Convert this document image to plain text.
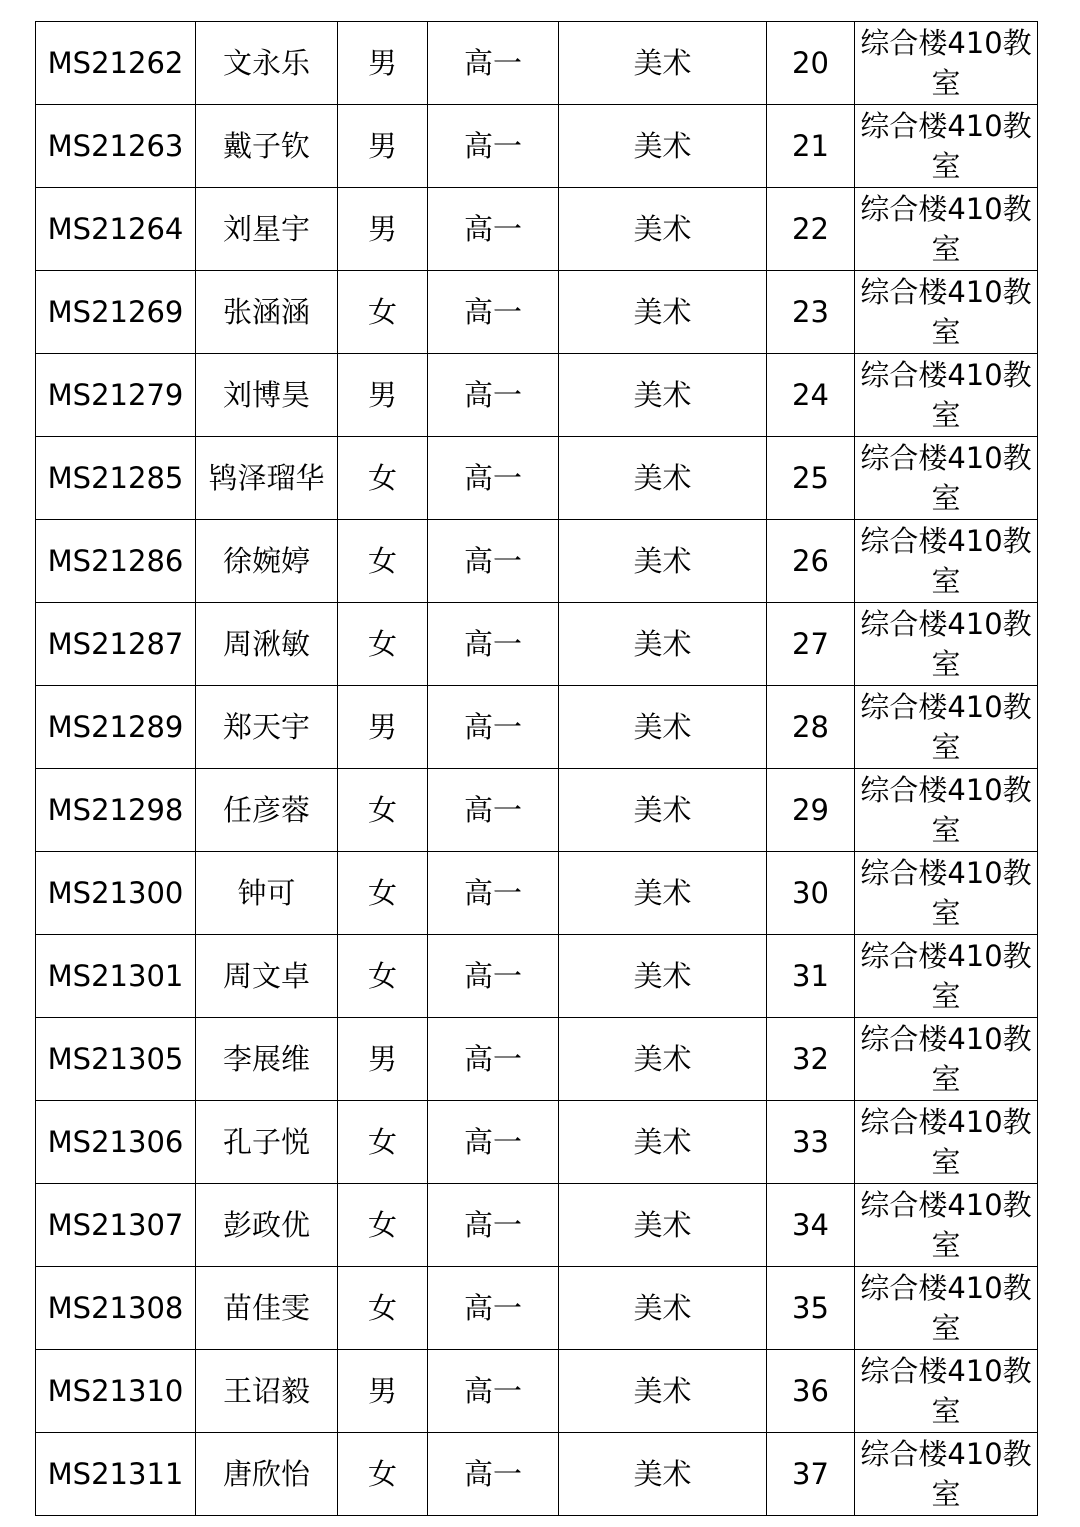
MS21262	文永乐	男	高一	美术	20	综合楼410教室
MS21263	戴子钦	男	高一	美术	21	综合楼410教室
MS21264	刘星宇	男	高一	美术	22	综合楼410教室
MS21269	张涵涵	女	高一	美术	23	综合楼410教室
MS21279	刘博昊	男	高一	美术	24	综合楼410教室
MS21285	鸨泽瑠华	女	高一	美术	25	综合楼410教室
MS21286	徐婉婷	女	高一	美术	26	综合楼410教室
MS21287	周湫敏	女	高一	美术	27	综合楼410教室
MS21289	郑天宇	男	高一	美术	28	综合楼410教室
MS21298	任彦蓉	女	高一	美术	29	综合楼410教室
MS21300	钟可	女	高一	美术	30	综合楼410教室
MS21301	周文卓	女	高一	美术	31	综合楼410教室
MS21305	李展维	男	高一	美术	32	综合楼410教室
MS21306	孔子悦	女	高一	美术	33	综合楼410教室
MS21307	彭政优	女	高一	美术	34	综合楼410教室
MS21308	苗佳雯	女	高一	美术	35	综合楼410教室
MS21310	王诏毅	男	高一	美术	36	综合楼410教室
MS21311	唐欣怡	女	高一	美术	37	综合楼410教室
